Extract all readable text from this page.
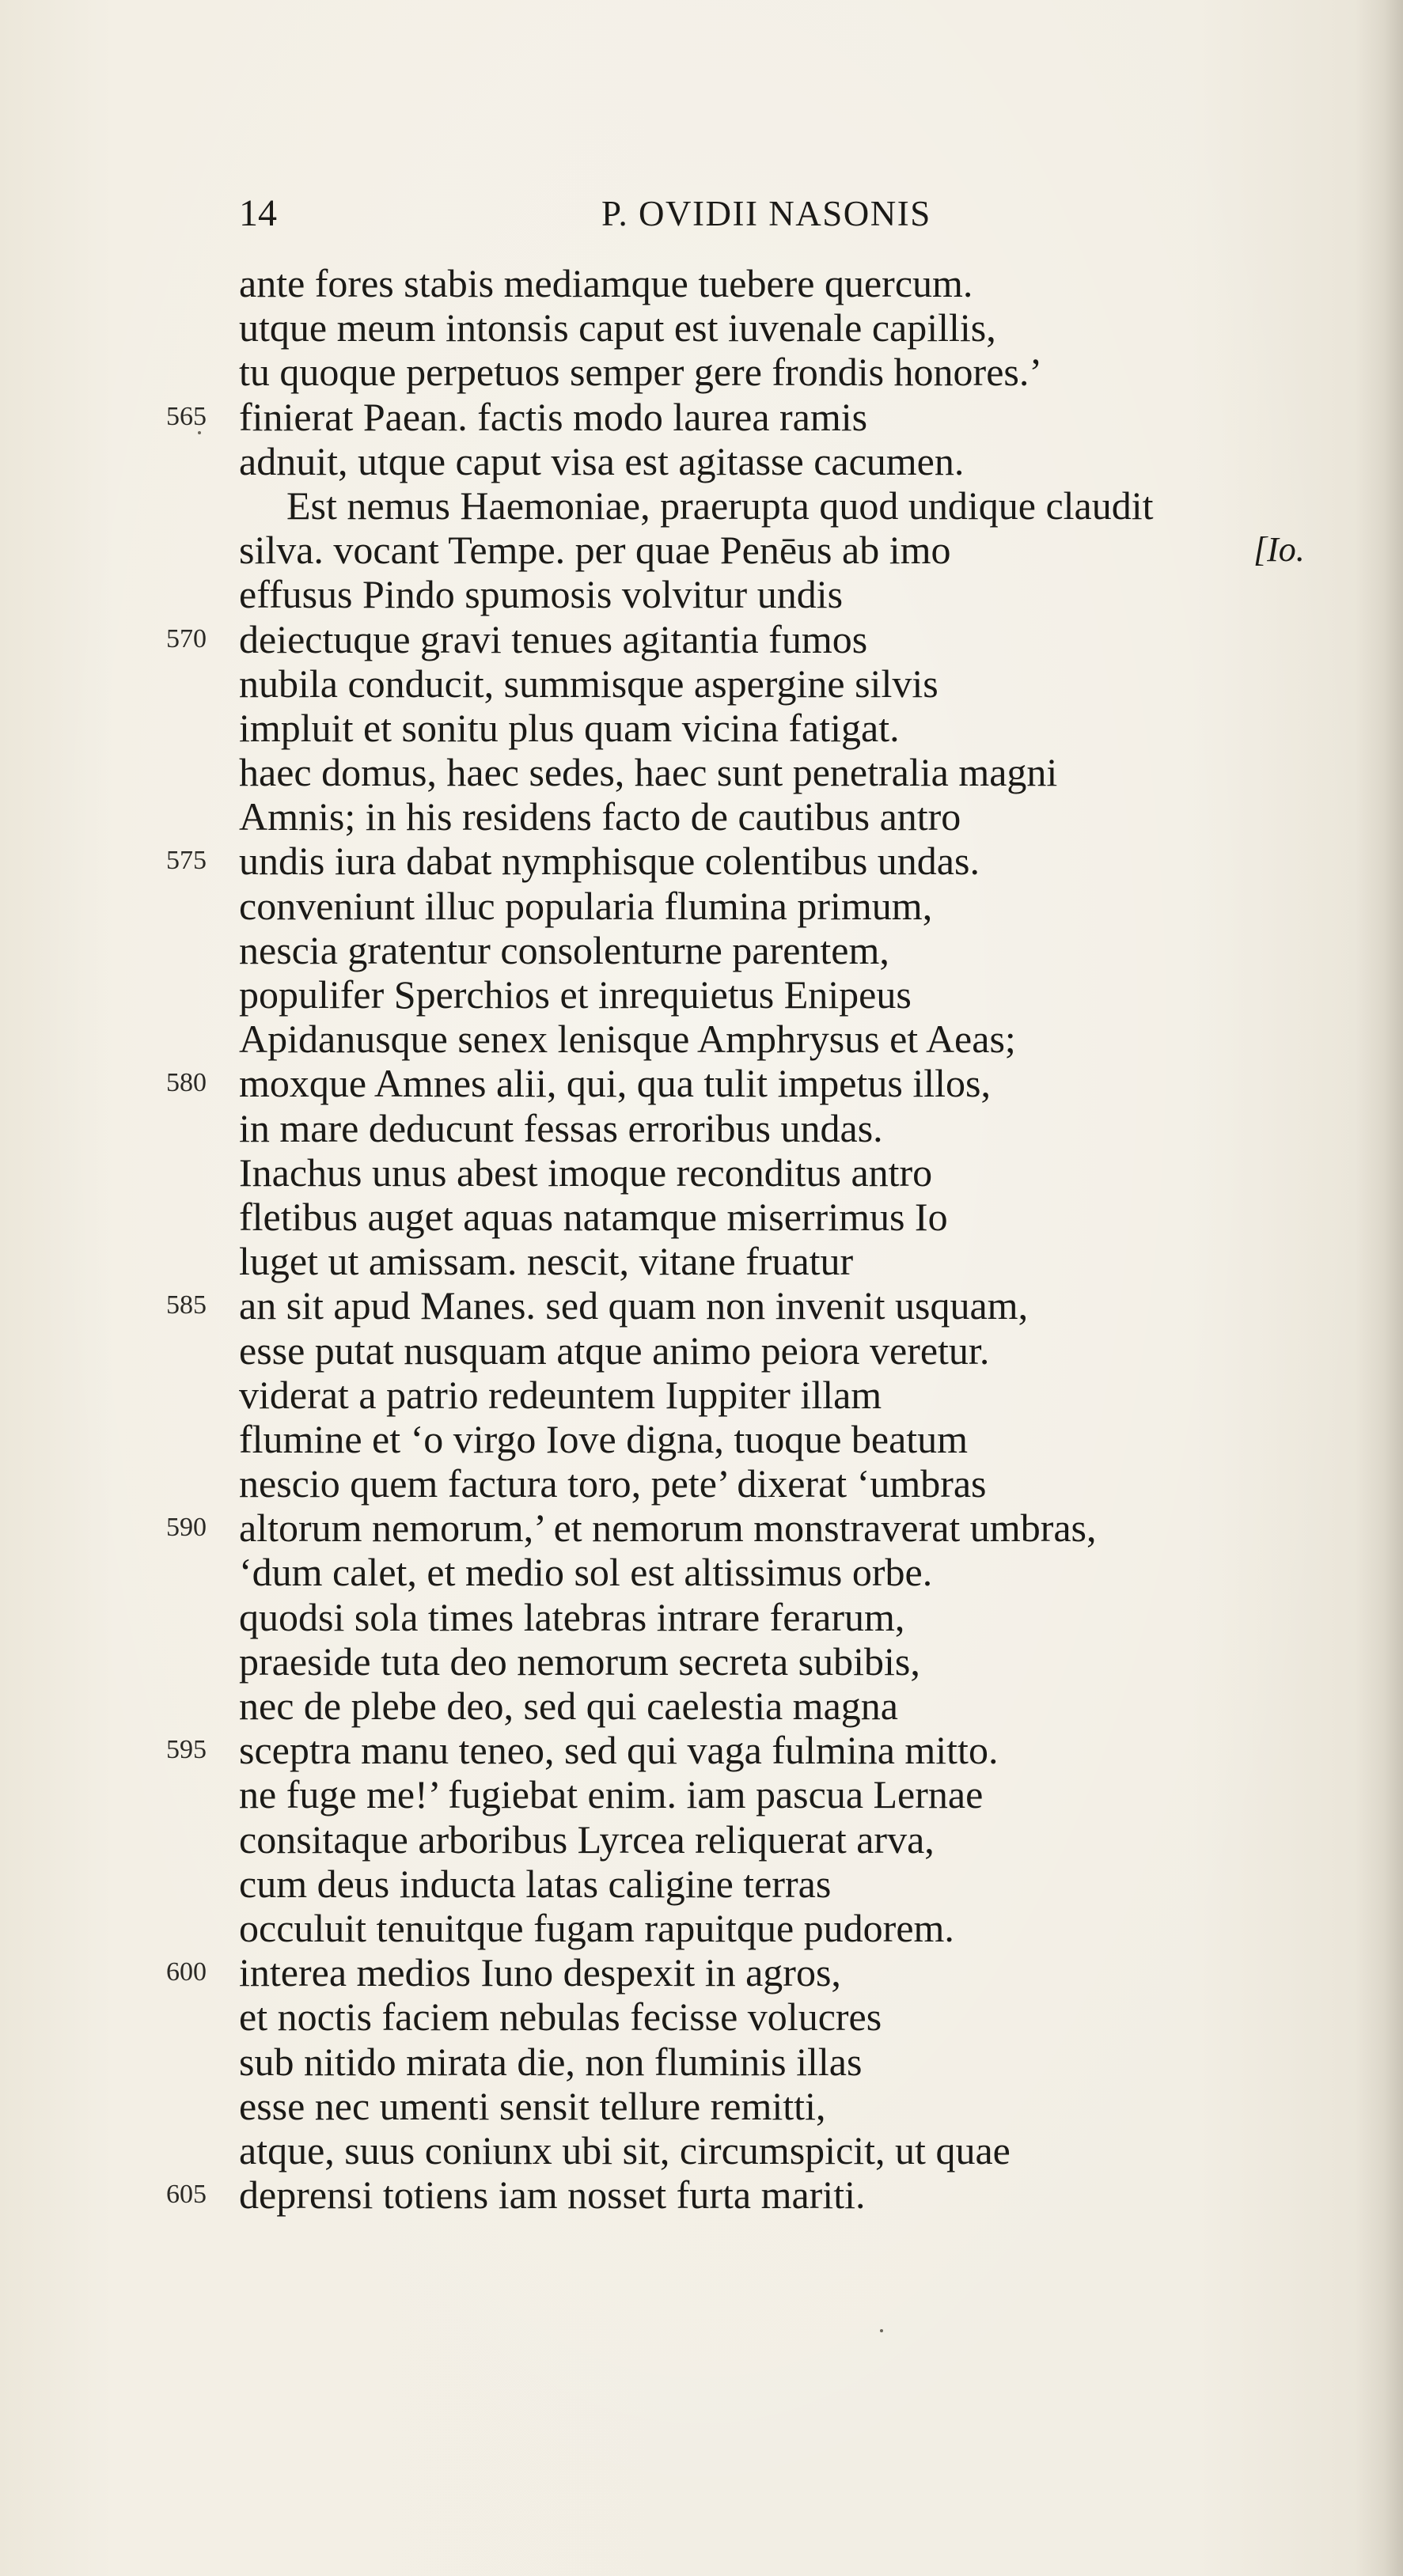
14	P. OVIDII NASONIS
ante fores stabis mediamque tuebere quercum.
utque meum intonsis caput est iuvenale capillis,
tu quoque perpetuos semper gere frondis honores.’
565 finierat Paean. factis modo laurea ramis
adnuit, utque caput visa est agitasse cacumen.
Est nemus Haemoniae, praerupta quod undique claudit
silva. vocant Tempe. per quae Penēus ab imo	[Io.
effusus Pindo spumosis volvitur undis
570 deiectuque gravi tenues agitantia fumos
nubila conducit, summisque aspergine silvis
impluit et sonitu plus quam vicina fatigat.
haec domus, haec sedes, haec sunt penetralia magni
Amnis; in his residens facto de cautibus antro
575 undis iura dabat nymphisque colentibus undas.
conveniunt illuc popularia flumina primum,
nescia gratentur consolenturne parentem,
populifer Sperchios et inrequietus Enipeus
Apidanusque senex lenisque Amphrysus et Aeas;
580 moxque Amnes alii, qui, qua tulit impetus illos,
in mare deducunt fessas erroribus undas.
Inachus unus abest imoque reconditus antro
fletibus auget aquas natamque miserrimus Io
luget ut amissam. nescit, vitane fruatur
585 an sit apud Manes. sed quam non invenit usquam,
esse putat nusquam atque animo peiora veretur.
viderat a patrio redeuntem Iuppiter illam
flumine et ‘o virgo Iove digna, tuoque beatum
nescio quem factura toro, pete’ dixerat ‘umbras
590 altorum nemorum,’ et nemorum monstraverat umbras,
‘dum calet, et medio sol est altissimus orbe.
quodsi sola times latebras intrare ferarum,
praeside tuta deo nemorum secreta subibis,
nec de plebe deo, sed qui caelestia magna
595 sceptra manu teneo, sed qui vaga fulmina mitto.
ne fuge me!’ fugiebat enim. iam pascua Lernae
consitaque arboribus Lyrcea reliquerat arva,
cum deus inducta latas caligine terras
occuluit tenuitque fugam rapuitque pudorem.
600 interea medios Iuno despexit in agros,
et noctis faciem nebulas fecisse volucres
sub nitido mirata die, non fluminis illas
esse nec umenti sensit tellure remitti,
atque, suus coniunx ubi sit, circumspicit, ut quae
605 deprensi totiens iam nosset furta mariti.
